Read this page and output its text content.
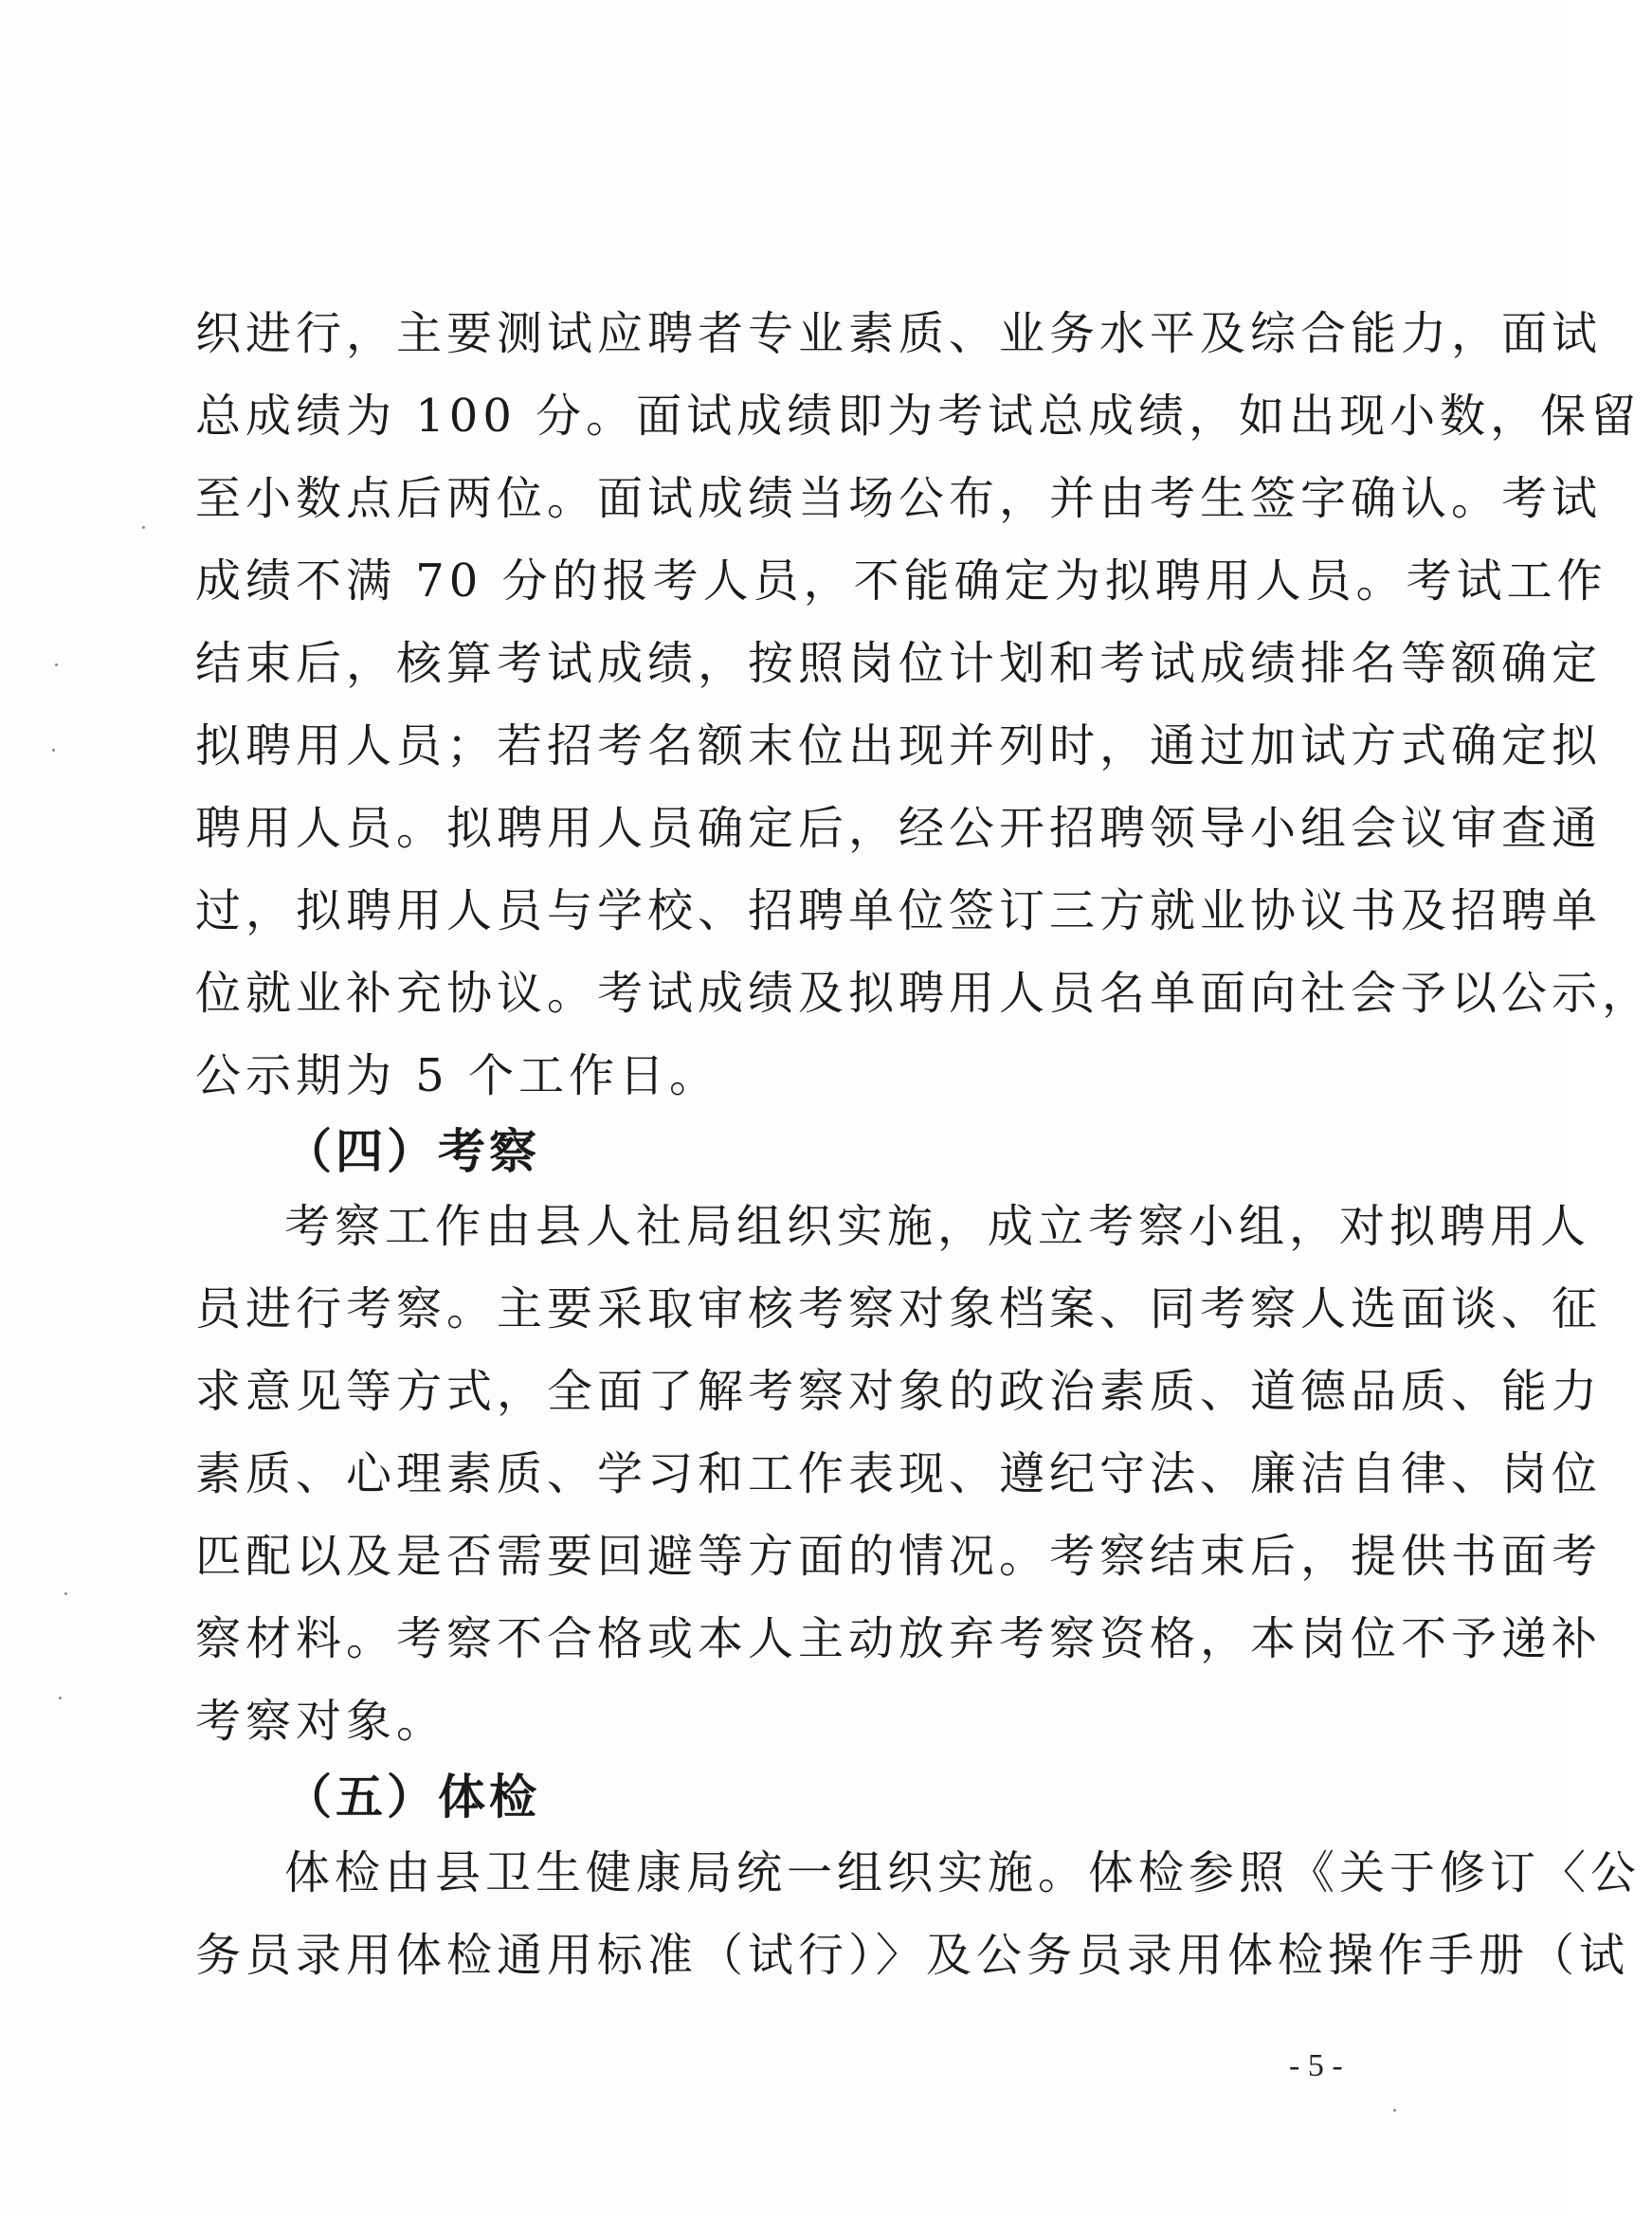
织进行，主要测试应聘者专业素质、业务水平及综合能力，面试
总成绩为 100 分。面试成绩即为考试总成绩，如出现小数，保留
至小数点后两位。面试成绩当场公布，并由考生签字确认。考试
成绩不满 70 分的报考人员，不能确定为拟聘用人员。考试工作
结束后，核算考试成绩，按照岗位计划和考试成绩排名等额确定
拟聘用人员；若招考名额末位出现并列时，通过加试方式确定拟
聘用人员。拟聘用人员确定后，经公开招聘领导小组会议审查通
过，拟聘用人员与学校、招聘单位签订三方就业协议书及招聘单
位就业补充协议。考试成绩及拟聘用人员名单面向社会予以公示，
公示期为 5 个工作日。
（四）考察
考察工作由县人社局组织实施，成立考察小组，对拟聘用人
员进行考察。主要采取审核考察对象档案、同考察人选面谈、征
求意见等方式，全面了解考察对象的政治素质、道德品质、能力
素质、心理素质、学习和工作表现、遵纪守法、廉洁自律、岗位
匹配以及是否需要回避等方面的情况。考察结束后，提供书面考
察材料。考察不合格或本人主动放弃考察资格，本岗位不予递补
考察对象。
（五）体检
体检由县卫生健康局统一组织实施。体检参照《关于修订〈公
务员录用体检通用标准（试行）〉及公务员录用体检操作手册（试
- 5 -
